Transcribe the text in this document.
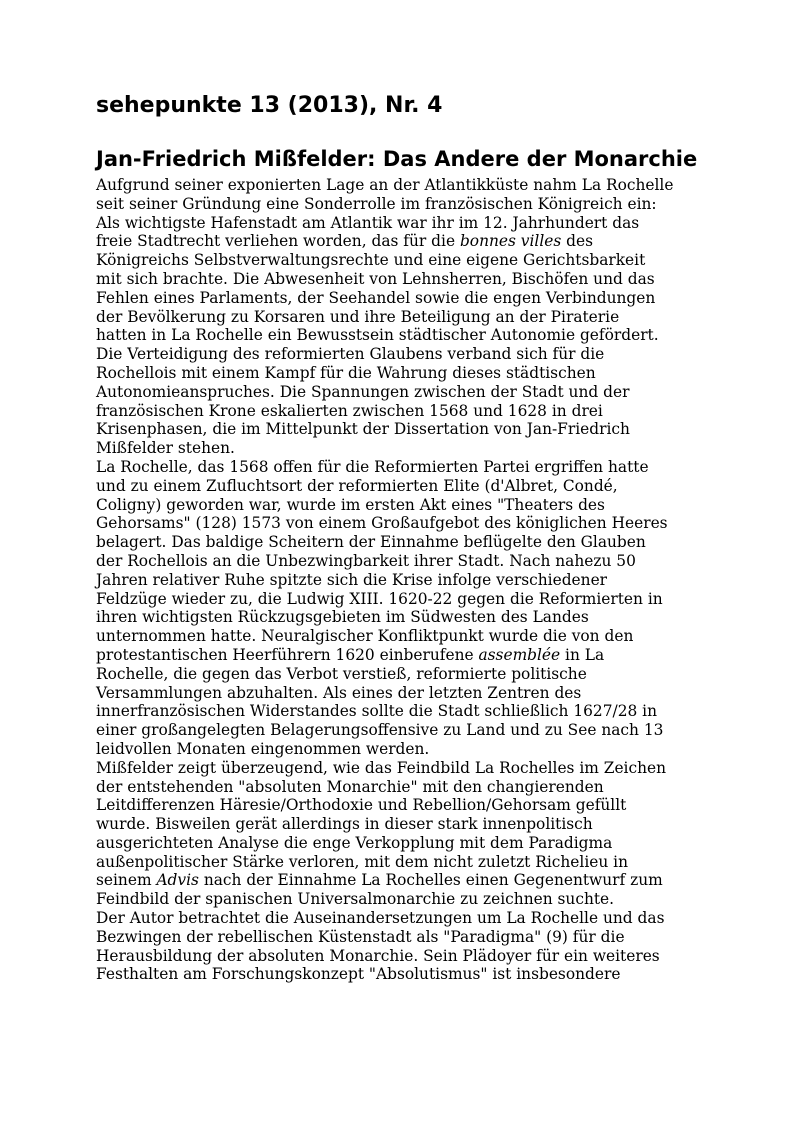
sehepunkte 13 (2013), Nr. 4
Jan-Friedrich Mißfelder: Das Andere der Monarchie
Aufgrund seiner exponierten Lage an der Atlantikküste nahm La Rochelle
seit seiner Gründung eine Sonderrolle im französischen Königreich ein:
Als wichtigste Hafenstadt am Atlantik war ihr im 12. Jahrhundert das
freie Stadtrecht verliehen worden, das für die bonnes villes des
Königreichs Selbstverwaltungsrechte und eine eigene Gerichtsbarkeit
mit sich brachte. Die Abwesenheit von Lehnsherren, Bischöfen und das
Fehlen eines Parlaments, der Seehandel sowie die engen Verbindungen
der Bevölkerung zu Korsaren und ihre Beteiligung an der Piraterie
hatten in La Rochelle ein Bewusstsein städtischer Autonomie gefördert.
Die Verteidigung des reformierten Glaubens verband sich für die
Rochellois mit einem Kampf für die Wahrung dieses städtischen
Autonomieanspruches. Die Spannungen zwischen der Stadt und der
französischen Krone eskalierten zwischen 1568 und 1628 in drei
Krisenphasen, die im Mittelpunkt der Dissertation von Jan-Friedrich
Mißfelder stehen.
La Rochelle, das 1568 offen für die Reformierten Partei ergriffen hatte
und zu einem Zufluchtsort der reformierten Elite (d'Albret, Condé,
Coligny) geworden war, wurde im ersten Akt eines "Theaters des
Gehorsams" (128) 1573 von einem Großaufgebot des königlichen Heeres
belagert. Das baldige Scheitern der Einnahme beflügelte den Glauben
der Rochellois an die Unbezwingbarkeit ihrer Stadt. Nach nahezu 50
Jahren relativer Ruhe spitzte sich die Krise infolge verschiedener
Feldzüge wieder zu, die Ludwig XIII. 1620-22 gegen die Reformierten in
ihren wichtigsten Rückzugsgebieten im Südwesten des Landes
unternommen hatte. Neuralgischer Konfliktpunkt wurde die von den
protestantischen Heerführern 1620 einberufene assemblée in La
Rochelle, die gegen das Verbot verstieß, reformierte politische
Versammlungen abzuhalten. Als eines der letzten Zentren des
innerfranzösischen Widerstandes sollte die Stadt schließlich 1627/28 in
einer großangelegten Belagerungsoffensive zu Land und zu See nach 13
leidvollen Monaten eingenommen werden.
Mißfelder zeigt überzeugend, wie das Feindbild La Rochelles im Zeichen
der entstehenden "absoluten Monarchie" mit den changierenden
Leitdifferenzen Häresie/Orthodoxie und Rebellion/Gehorsam gefüllt
wurde. Bisweilen gerät allerdings in dieser stark innenpolitisch
ausgerichteten Analyse die enge Verkopplung mit dem Paradigma
außenpolitischer Stärke verloren, mit dem nicht zuletzt Richelieu in
seinem Advis nach der Einnahme La Rochelles einen Gegenentwurf zum
Feindbild der spanischen Universalmonarchie zu zeichnen suchte.
Der Autor betrachtet die Auseinandersetzungen um La Rochelle und das
Bezwingen der rebellischen Küstenstadt als "Paradigma" (9) für die
Herausbildung der absoluten Monarchie. Sein Plädoyer für ein weiteres
Festhalten am Forschungskonzept "Absolutismus" ist insbesondere
